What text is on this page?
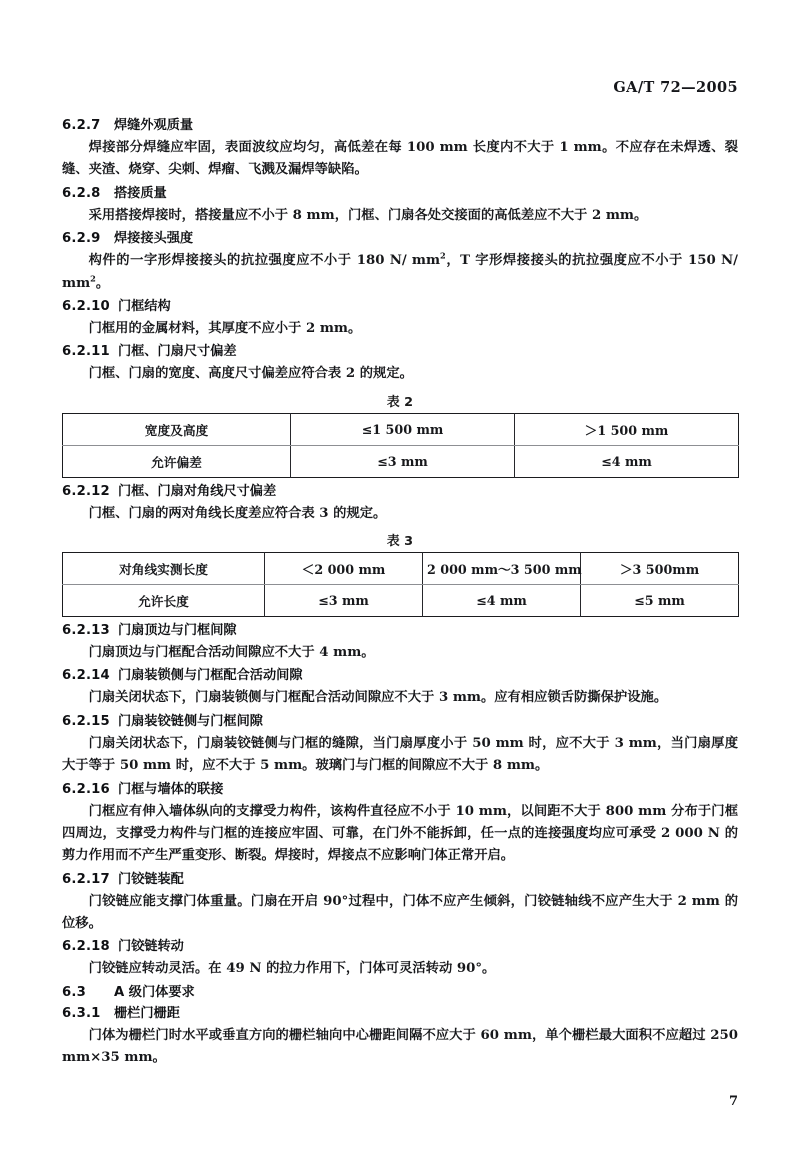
GA/T 72—2005
6.2.7 焊缝外观质量

焊接部分焊缝应牢固，表面波纹应均匀，高低差在每 100 mm 长度内不大于 1 mm。不应存在未焊透、裂缝、夹渣、烧穿、尖刺、焊瘤、飞溅及漏焊等缺陷。

6.2.8 搭接质量

采用搭接焊接时，搭接量应不小于 8 mm，门框、门扇各处交接面的高低差应不大于 2 mm。

6.2.9 焊接接头强度

构件的一字形焊接接头的抗拉强度应不小于 180 N/ $mm^2$，T 字形焊接接头的抗拉强度应不小于 150 N/ $mm^2$。

6.2.10 门框结构

门框用的金属材料，其厚度不应小于 2 mm。

6.2.11 门框、门扇尺寸偏差

门框、门扇的宽度、高度尺寸偏差应符合表 2 的规定。

表 2
宽度及高度	≤1 500 mm	＞1 500 mm
允许偏差	≤3 mm	≤4 mm
6.2.12 门框、门扇对角线尺寸偏差

门框、门扇的两对角线长度差应符合表 3 的规定。

表 3
对角线实测长度	＜2 000 mm	2 000 mm～3 500 mm	＞3 500mm
允许长度	≤3 mm	≤4 mm	≤5 mm
6.2.13 门扇顶边与门框间隙

门扇顶边与门框配合活动间隙应不大于 4 mm。

6.2.14 门扇装锁侧与门框配合活动间隙

门扇关闭状态下，门扇装锁侧与门框配合活动间隙应不大于 3 mm。应有相应锁舌防撕保护设施。

6.2.15 门扇装铰链侧与门框间隙

门扇关闭状态下，门扇装铰链侧与门框的缝隙，当门扇厚度小于 50 mm 时，应不大于 3 mm，当门扇厚度大于等于 50 mm 时，应不大于 5 mm。玻璃门与门框的间隙应不大于 8 mm。

6.2.16 门框与墙体的联接

门框应有伸入墙体纵向的支撑受力构件，该构件直径应不小于 10 mm，以间距不大于 800 mm 分布于门框四周边，支撑受力构件与门框的连接应牢固、可靠，在门外不能拆卸，任一点的连接强度均应可承受 2 000 N 的剪力作用而不产生严重变形、断裂。焊接时，焊接点不应影响门体正常开启。

6.2.17 门铰链装配

门铰链应能支撑门体重量。门扇在开启 90°过程中，门体不应产生倾斜，门铰链轴线不应产生大于 2 mm 的位移。

6.2.18 门铰链转动

门铰链应转动灵活。在 49 N 的拉力作用下，门体可灵活转动 90°。

6.3 A 级门体要求
6.3.1 栅栏门栅距

门体为栅栏门时水平或垂直方向的栅栏轴向中心栅距间隔不应大于 60 mm，单个栅栏最大面积不应超过 250 mm×35 mm。

7
